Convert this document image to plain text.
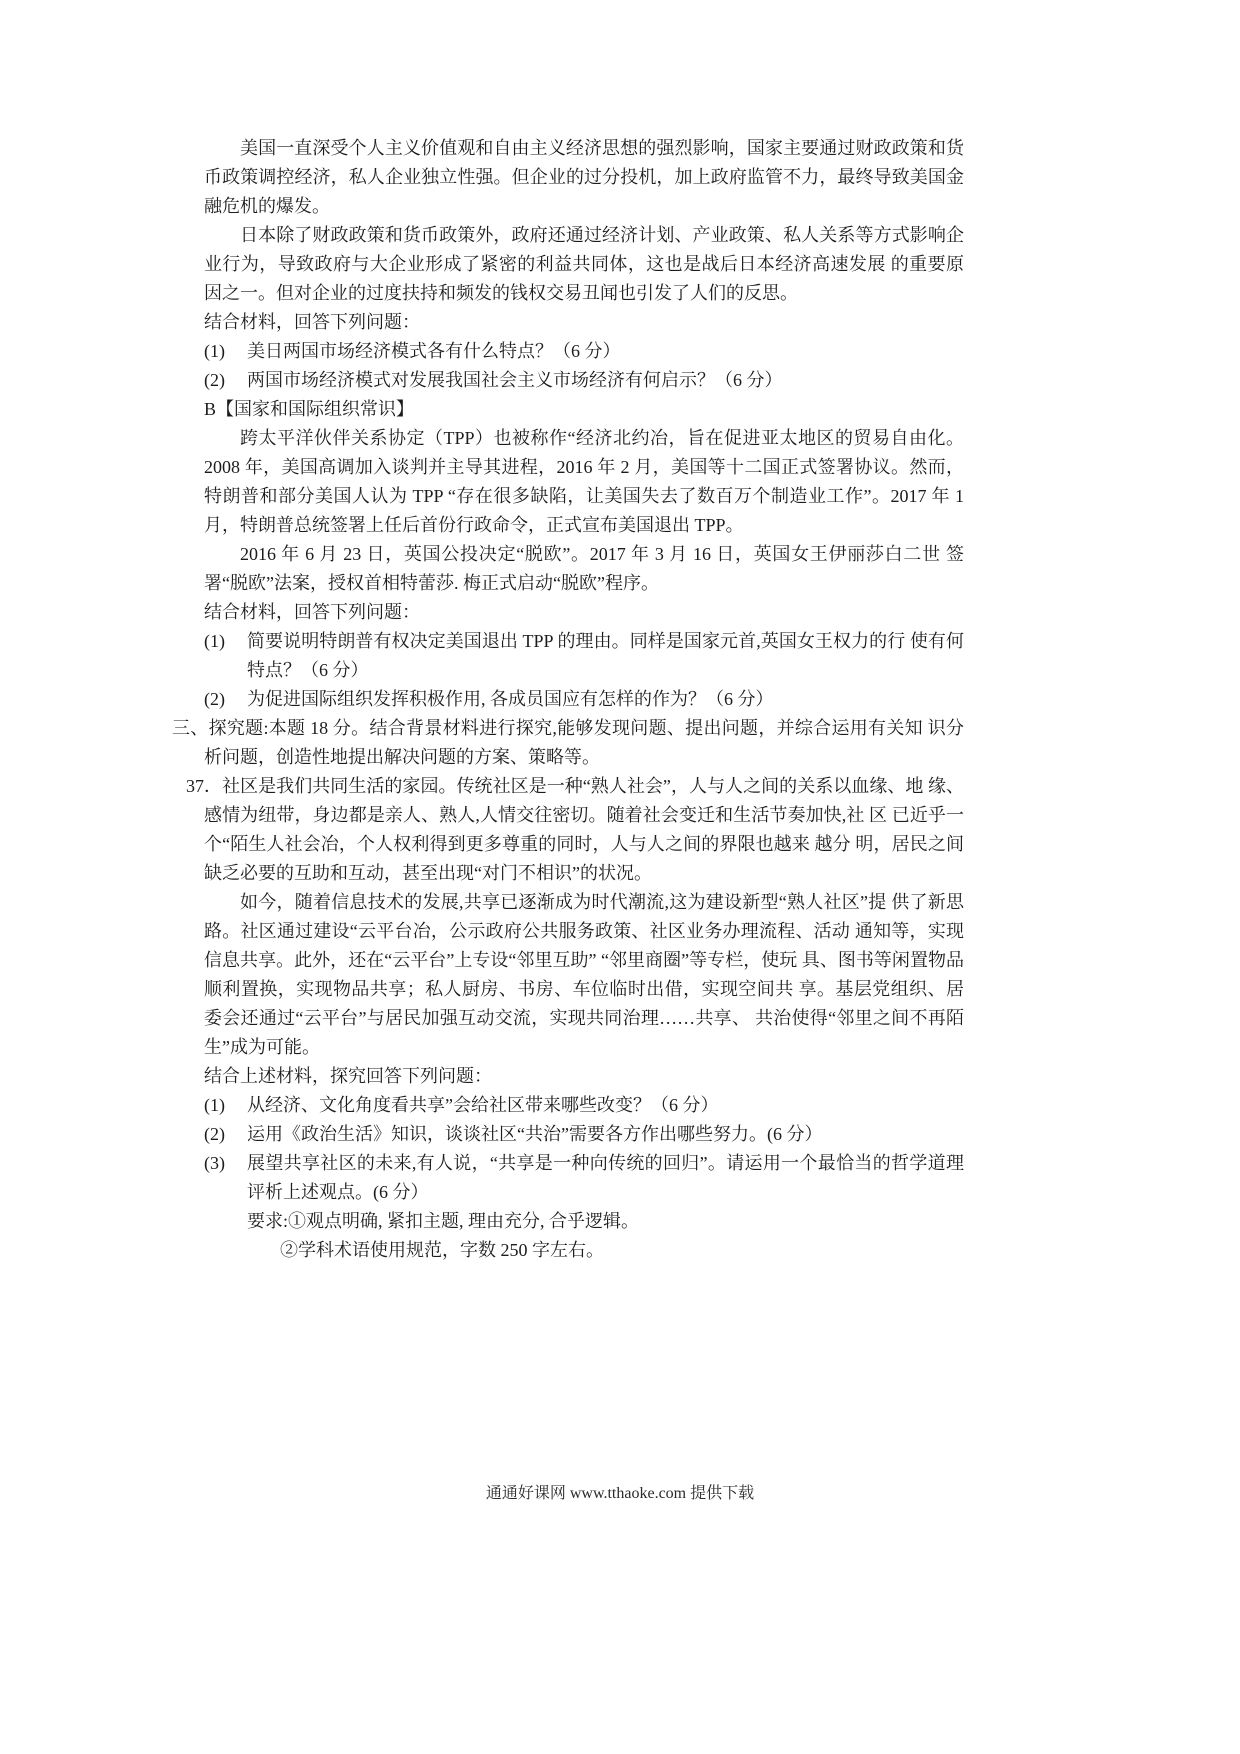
美国一直深受个人主义价值观和自由主义经济思想的强烈影响，国家主要通过财政政策和货币政策调控经济，私人企业独立性强。但企业的过分投机，加上政府监管不力，最终导致美国金融危机的爆发。

日本除了财政政策和货币政策外，政府还通过经济计划、产业政策、私人关系等方式影响企业行为，导致政府与大企业形成了紧密的利益共同体，这也是战后日本经济高速发展 的重要原因之一。但对企业的过度扶持和频发的钱权交易丑闻也引发了人们的反思。

结合材料，回答下列问题：

(1)	美日两国市场经济模式各有什么特点？（6 分）
(2)	两国市场经济模式对发展我国社会主义市场经济有何启示？（6 分）

B【国家和国际组织常识】

跨太平洋伙伴关系协定（TPP）也被称作“经济北约冶，旨在促进亚太地区的贸易自由化。2008 年，美国高调加入谈判并主导其进程，2016 年 2 月，美国等十二国正式签署协议。然而，特朗普和部分美国人认为 TPP “存在很多缺陷，让美国失去了数百万个制造业工作”。2017 年 1 月，特朗普总统签署上任后首份行政命令，正式宣布美国退出 TPP。

2016 年 6 月 23 日，英国公投决定“脱欧”。2017 年 3 月 16 日，英国女王伊丽莎白二世 签署“脱欧”法案，授权首相特蕾莎. 梅正式启动“脱欧”程序。

结合材料，回答下列问题：

(1)	简要说明特朗普有权决定美国退出 TPP 的理由。同样是国家元首,英国女王权力的行 使有何特点？（6 分）
(2)	为促进国际组织发挥积极作用, 各成员国应有怎样的作为？（6 分）

三、探究题:本题 18 分。结合背景材料进行探究,能够发现问题、提出问题，并综合运用有关知 识分析问题，创造性地提出解决问题的方案、策略等。

37．社区是我们共同生活的家园。传统社区是一种“熟人社会”，人与人之间的关系以血缘、地 缘、感情为纽带，身边都是亲人、熟人,人情交往密切。随着社会变迁和生活节奏加快,社 区 已近乎一个“陌生人社会冶，个人权利得到更多尊重的同时，人与人之间的界限也越来 越分 明，居民之间缺乏必要的互助和互动，甚至出现“对门不相识”的状况。

如今，随着信息技术的发展,共享已逐渐成为时代潮流,这为建设新型“熟人社区”提 供了新思路。社区通过建设“云平台冶，公示政府公共服务政策、社区业务办理流程、活动 通知等，实现信息共享。此外，还在“云平台”上专设“邻里互助” “邻里商圈”等专栏，使玩 具、图书等闲置物品顺利置换，实现物品共享；私人厨房、书房、车位临时出借，实现空间共 享。基层党组织、居委会还通过“云平台”与居民加强互动交流，实现共同治理……共享、 共治使得“邻里之间不再陌生”成为可能。

结合上述材料，探究回答下列问题：

(1)	从经济、文化角度看共享”会给社区带来哪些改变？（6 分）
(2)	运用《政治生活》知识，谈谈社区“共治”需要各方作出哪些努力。(6 分）
(3)	展望共享社区的未来,有人说，“共享是一种向传统的回归”。请运用一个最恰当的哲学道理评析上述观点。(6 分）

要求:①观点明确, 紧扣主题, 理由充分, 合乎逻辑。

②学科术语使用规范，字数 250 字左右。

通通好课网 www.tthaoke.com 提供下载
